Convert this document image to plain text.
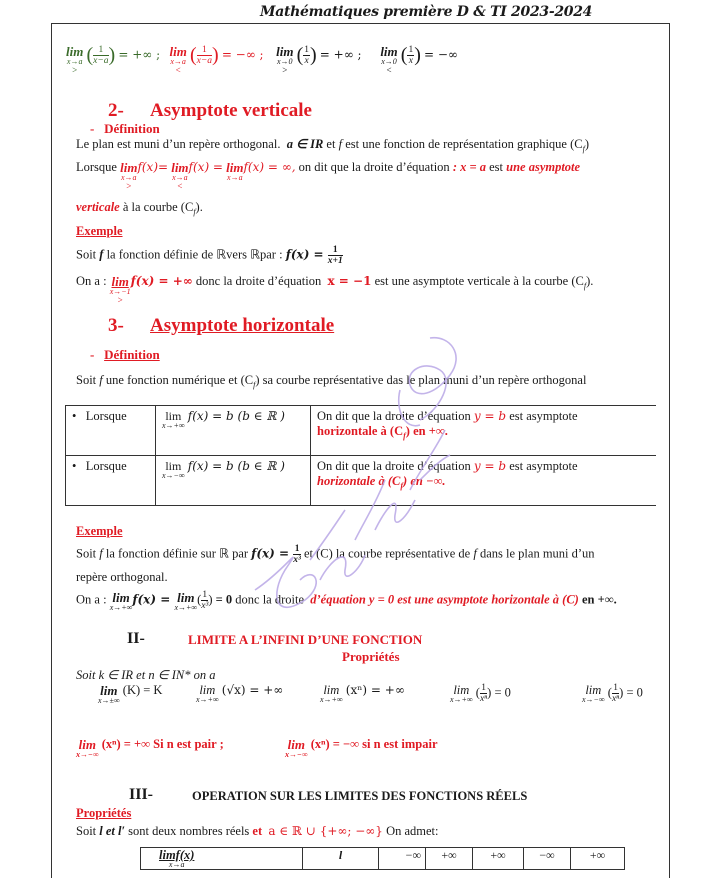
Mathématiques première D & TI 2023-2024
lim
x→a
>
( $\frac{1}{x-a}$ ) = +∞ ; lim
x→a
<
( $\frac{1}{x-a}$ ) = −∞ ; lim
x→0
>
( $\frac{1}{x}$ ) = +∞ ; lim
x→0
<
( $\frac{1}{x}$ ) = −∞
2- Asymptote verticale
-   Définition
Le plan est muni d’un repère orthogonal. a ∈ IR et f est une fonction de représentation graphique $(C_f)$
Lorsque lim
x→a
>
f(x)= lim
x→a
<
f(x) = lim
x→a
f(x) = ∞, on dit que la droite d’équation : x = a est une asymptote
verticale à la courbe $(C_f)$.
Exemple
Soit f la fonction définie de ℝvers ℝpar : $f(x) = \frac{1}{x+1}$
On a : lim
x→−1
>
f(x) = +∞ donc la droite d’équation  x = −1 est une asymptote verticale à la courbe $(C_f)$.
3- Asymptote horizontale
-   Définition
Soit f une fonction numérique et $(C_f)$ sa courbe représentative das le plan muni d’un repère orthogonal
• Lorsque	lim
x→+∞
f(x) = b (b ∈ ℝ )	On dit que la droite d’équation y = b est asymptote
horizontale à $(C_f)$ en +∞.
• Lorsque	lim
x→−∞
f(x) = b (b ∈ ℝ )	On dit que la droite d’équation y = b est asymptote
horizontale à $(C_f)$ en −∞.
Exemple
Soit f la fonction définie sur ℝ par $f(x) = \frac{1}{\text{x³}}$ et (C) la courbe représentative de f dans le plan muni d’un
repère orthogonal.
On a : lim
x→+∞
f(x) = lim
x→+∞
( $\frac{1}{\text{x³}}$ ) = 0 donc la droite  d’équation y = 0 est une asymptote horizontale à (C) en +∞.
II-	LIMITE A L’INFINI D’UNE FONCTION
Propriétés
Soit k ∈ IR et n ∈ IN* on a
lim
x→±∞
(K) = K	lim
x→+∞
(√x) = +∞	lim
x→+∞
(xⁿ) = +∞	lim
x→+∞
( $\frac{1}{\text{xⁿ}}$ ) = 0	lim
x→−∞
( $\frac{1}{\text{xⁿ}}$ ) = 0
lim
x→−∞
(xⁿ) = +∞ Si n est pair ;	lim
x→−∞
(xⁿ) = −∞ si n est impair
III-	OPERATION SUR LES LIMITES DES FONCTIONS RÉELS
Propriétés
Soit l et l′ sont deux nombres réels et a ∈ ℝ ∪ {+∞; −∞} On admet:
limf(x)
x→a
	l	−∞	+∞	+∞	−∞	+∞
